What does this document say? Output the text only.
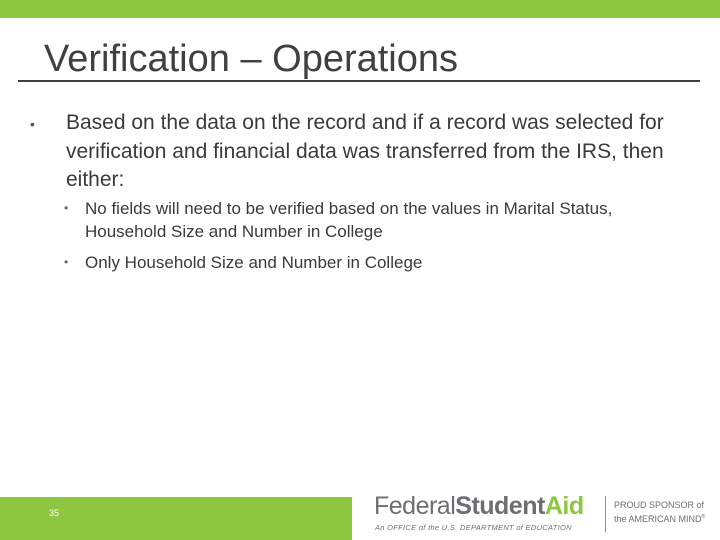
Verification – Operations
•	Based on the data on the record and if a record was selected for verification and financial data was transferred from the IRS, then either:
• No fields will need to be verified based on the values in Marital Status, Household Size and Number in College
• Only Household Size and Number in College
35	FederalStudentAid
An OFFICE of the U.S. DEPARTMENT of EDUCATION
PROUD SPONSOR of
the AMERICAN MIND®
